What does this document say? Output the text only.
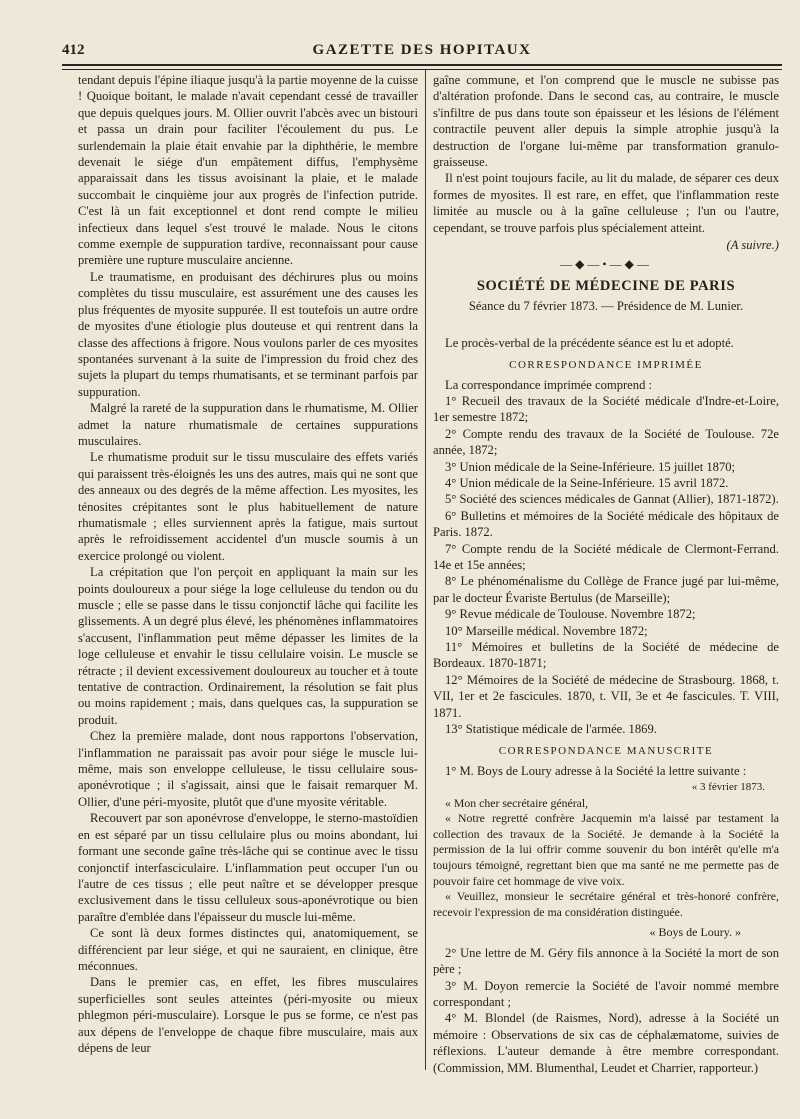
412	GAZETTE DES HOPITAUX

tendant depuis l'épine iliaque jusqu'à la partie moyenne de la cuisse ! Quoique boitant, le malade n'avait cependant cessé de travailler que depuis quelques jours. M. Ollier ouvrit l'abcès avec un bistouri et passa un drain pour faciliter l'écoulement du pus. Le surlendemain la plaie était envahie par la diphthérie, le membre devenait le siége d'un empâtement diffus, l'emphysème apparaissait dans les tissus avoisinant la plaie, et le malade succombait le cinquième jour aux progrès de l'infection putride. C'est là un fait exceptionnel et dont rend compte le milieu infectieux dans lequel s'est trouvé le malade. Nous le citons comme exemple de suppuration tardive, reconnaissant pour cause première une rupture musculaire ancienne.

Le traumatisme, en produisant des déchirures plus ou moins complètes du tissu musculaire, est assurément une des causes les plus fréquentes de myosite suppurée. Il est toutefois un autre ordre de myosites d'une étiologie plus douteuse et qui rentrent dans la classe des affections à frigore. Nous voulons parler de ces myosites spontanées survenant à la suite de l'impression du froid chez des sujets la plupart du temps rhumatisants, et se terminant parfois par suppuration.

Malgré la rareté de la suppuration dans le rhumatisme, M. Ollier admet la nature rhumatismale de certaines suppurations musculaires.

Le rhumatisme produit sur le tissu musculaire des effets variés qui paraissent très-éloignés les uns des autres, mais qui ne sont que des anneaux ou des degrés de la même affection. Les myosites, les ténosites crépitantes sont le plus habituellement de nature rhumatismale ; elles surviennent après la fatigue, mais surtout après le refroidissement accidentel d'un muscle soumis à un exercice prolongé ou violent.

La crépitation que l'on perçoit en appliquant la main sur les points douloureux a pour siége la loge celluleuse du tendon ou du muscle ; elle se passe dans le tissu conjonctif lâche qui facilite les glissements. A un degré plus élevé, les phénomènes inflammatoires s'accusent, l'inflammation peut même dépasser les limites de la loge celluleuse et envahir le tissu cellulaire voisin. Le muscle se rétracte ; il devient excessivement douloureux au toucher et à toute tentative de contraction. Ordinairement, la résolution se fait plus ou moins rapidement ; mais, dans quelques cas, la suppuration se produit.

Chez la première malade, dont nous rapportons l'observation, l'inflammation ne paraissait pas avoir pour siége le muscle lui-même, mais son enveloppe celluleuse, le tissu cellulaire sous-aponévrotique ; il s'agissait, ainsi que le faisait remarquer M. Ollier, d'une péri-myosite, plutôt que d'une myosite véritable.

Recouvert par son aponévrose d'enveloppe, le sterno-mastoïdien en est séparé par un tissu cellulaire plus ou moins abondant, lui formant une seconde gaîne très-lâche qui se continue avec le tissu conjonctif interfasciculaire. L'inflammation peut occuper l'un ou l'autre de ces tissus ; elle peut naître et se développer presque exclusivement dans le tissu celluleux sous-aponévrotique ou bien paraître d'emblée dans l'épaisseur du muscle lui-même.

Ce sont là deux formes distinctes qui, anatomiquement, se différencient par leur siége, et qui ne sauraient, en clinique, être méconnues.

Dans le premier cas, en effet, les fibres musculaires superficielles sont seules atteintes (péri-myosite ou mieux phlegmon péri-musculaire). Lorsque le pus se forme, ce n'est pas aux dépens de l'enveloppe de chaque fibre musculaire, mais aux dépens de leur

gaîne commune, et l'on comprend que le muscle ne subisse pas d'altération profonde. Dans le second cas, au contraire, le muscle s'infiltre de pus dans toute son épaisseur et les lésions de l'élément contractile peuvent aller depuis la simple atrophie jusqu'à la destruction de l'organe lui-même par transformation granulo-graisseuse.

Il n'est point toujours facile, au lit du malade, de séparer ces deux formes de myosites. Il est rare, en effet, que l'inflammation reste limitée au muscle ou à la gaîne celluleuse ; l'un ou l'autre, cependant, se trouve parfois plus spécialement atteint.

(A suivre.)
—◆—•—◆—
SOCIÉTÉ DE MÉDECINE DE PARIS
Séance du 7 février 1873. — Présidence de M. Lunier.

Le procès-verbal de la précédente séance est lu et adopté.

CORRESPONDANCE IMPRIMÉE

La correspondance imprimée comprend :

1° Recueil des travaux de la Société médicale d'Indre-et-Loire, 1er semestre 1872;

2° Compte rendu des travaux de la Société de Toulouse. 72e année, 1872;

3° Union médicale de la Seine-Inférieure. 15 juillet 1870;

4° Union médicale de la Seine-Inférieure. 15 avril 1872.

5° Société des sciences médicales de Gannat (Allier), 1871-1872).

6° Bulletins et mémoires de la Société médicale des hôpitaux de Paris. 1872.

7° Compte rendu de la Société médicale de Clermont-Ferrand. 14e et 15e années;

8° Le phénoménalisme du Collège de France jugé par lui-même, par le docteur Évariste Bertulus (de Marseille);

9° Revue médicale de Toulouse. Novembre 1872;

10° Marseille médical. Novembre 1872;

11° Mémoires et bulletins de la Société de médecine de Bordeaux. 1870-1871;

12° Mémoires de la Société de médecine de Strasbourg. 1868, t. VII, 1er et 2e fascicules. 1870, t. VII, 3e et 4e fascicules. T. VIII, 1871.

13° Statistique médicale de l'armée. 1869.

CORRESPONDANCE MANUSCRITE

1° M. Boys de Loury adresse à la Société la lettre suivante :

« 3 février 1873.

« Mon cher secrétaire général,

« Notre regretté confrère Jacquemin m'a laissé par testament la collection des travaux de la Société. Je demande à la Société la permission de la lui offrir comme souvenir du bon intérêt qu'elle m'a toujours témoigné, regrettant bien que ma santé ne me permette pas de pouvoir faire cet hommage de vive voix.

« Veuillez, monsieur le secrétaire général et très-honoré confrère, recevoir l'expression de ma considération distinguée.

« Boys de Loury. »

2° Une lettre de M. Géry fils annonce à la Société la mort de son père ;

3° M. Doyon remercie la Société de l'avoir nommé membre correspondant ;

4° M. Blondel (de Raismes, Nord), adresse à la Société un mémoire : Observations de six cas de céphalæmatome, suivies de réflexions. L'auteur demande à être membre correspondant. (Commission, MM. Blumenthal, Leudet et Charrier, rapporteur.)
